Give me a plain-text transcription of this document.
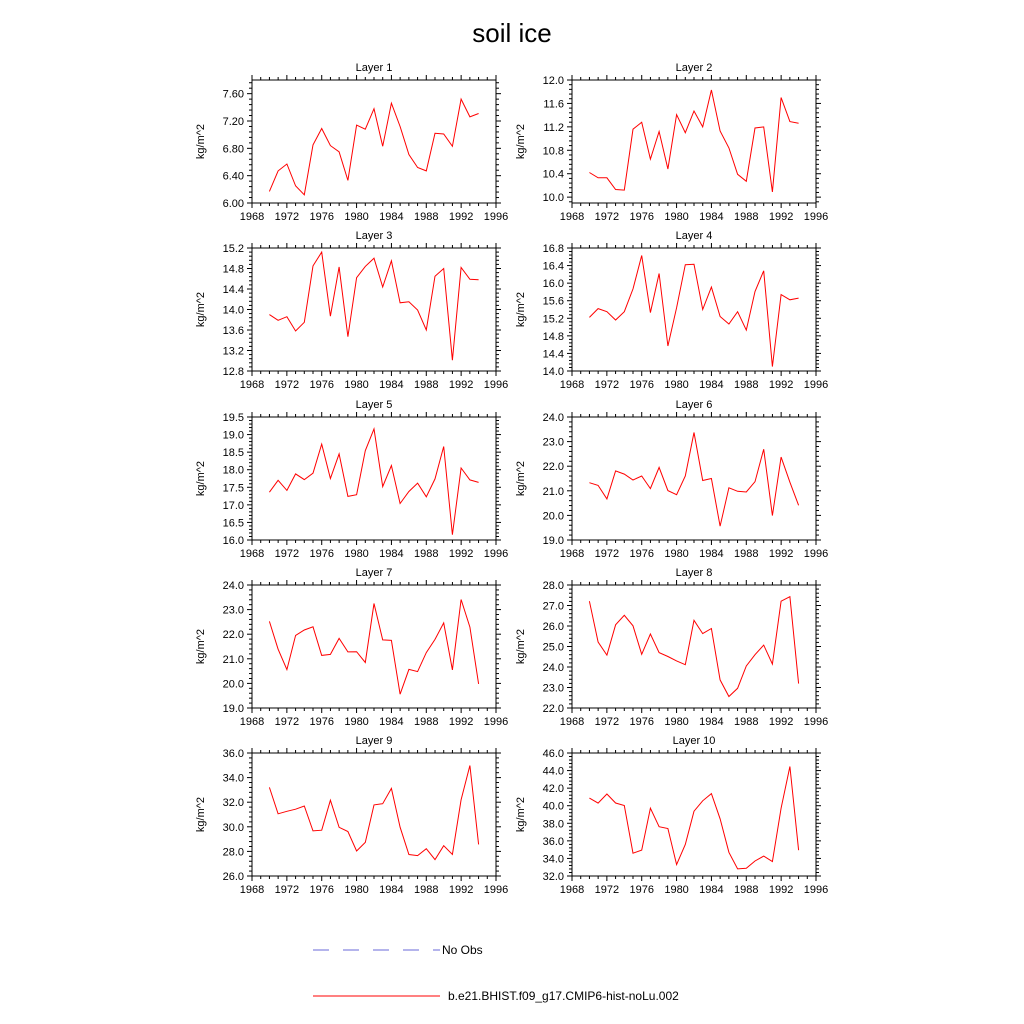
soil ice
Layer 1
1968 1972 1976 1980 1984 1988 1992 1996
6.00
6.40
6.80
7.20
7.60
kg/m^2
Layer 2
1968 1972 1976 1980 1984 1988 1992 1996
10.0
10.4
10.8
11.2
11.6
12.0
kg/m^2
Layer 3
1968 1972 1976 1980 1984 1988 1992 1996
12.8
13.2
13.6
14.0
14.4
14.8
15.2
kg/m^2
Layer 4
1968 1972 1976 1980 1984 1988 1992 1996
14.0
14.4
14.8
15.2
15.6
16.0
16.4
16.8
kg/m^2
Layer 5
1968 1972 1976 1980 1984 1988 1992 1996
16.0
16.5
17.0
17.5
18.0
18.5
19.0
19.5
kg/m^2
Layer 6
1968 1972 1976 1980 1984 1988 1992 1996
19.0
20.0
21.0
22.0
23.0
24.0
kg/m^2
Layer 7
1968 1972 1976 1980 1984 1988 1992 1996
19.0
20.0
21.0
22.0
23.0
24.0
kg/m^2
Layer 8
1968 1972 1976 1980 1984 1988 1992 1996
22.0
23.0
24.0
25.0
26.0
27.0
28.0
kg/m^2
Layer 9
1968 1972 1976 1980 1984 1988 1992 1996
26.0
28.0
30.0
32.0
34.0
36.0
kg/m^2
Layer 10
1968 1972 1976 1980 1984 1988 1992 1996
32.0
34.0
36.0
38.0
40.0
42.0
44.0
46.0
kg/m^2
No Obs
b.e21.BHIST.f09_g17.CMIP6-hist-noLu.002
